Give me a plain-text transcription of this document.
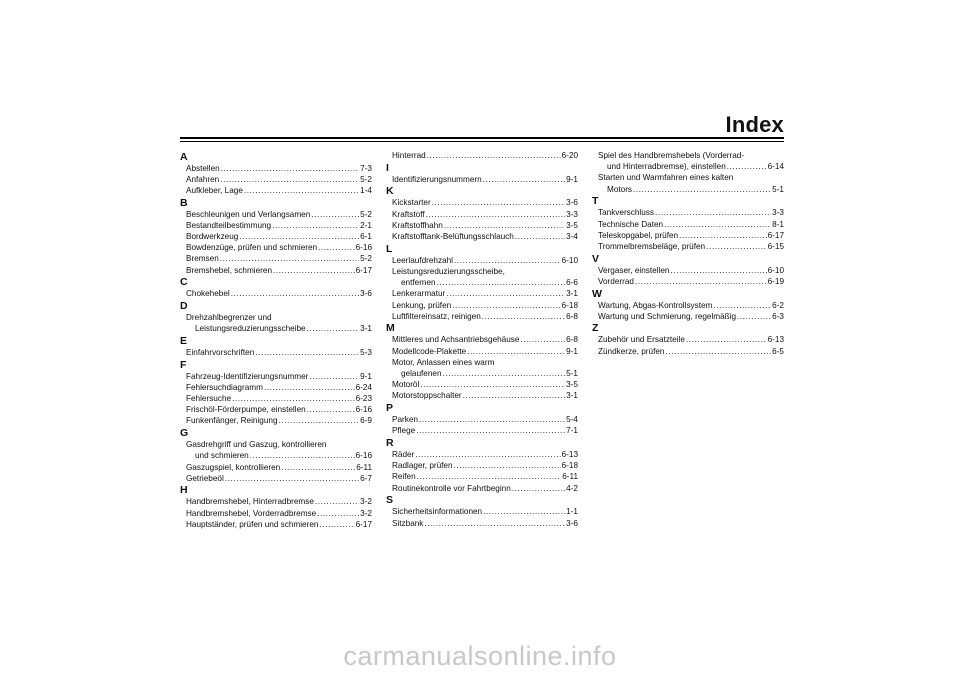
Index
A
Abstellen .....	7-3
Anfahren .....	5-2
Aufkleber, Lage .....	1-4
B
Beschleunigen und Verlangsamen .....	5-2
Bestandteilbestimmung .....	2-1
Bordwerkzeug .....	6-1
Bowdenzüge, prüfen und schmieren .....	6-16
Bremsen .....	5-2
Bremshebel, schmieren .....	6-17
C
Chokehebel .....	3-6
D
Drehzahlbegrenzer und
Leistungsreduzierungsscheibe .....	3-1
E
Einfahrvorschriften .....	5-3
F
Fahrzeug-Identifizierungsnummer .....	9-1
Fehlersuchdiagramm .....	6-24
Fehlersuche .....	6-23
Frischöl-Förderpumpe, einstellen .....	6-16
Funkenfänger, Reinigung .....	6-9
G
Gasdrehgriff und Gaszug, kontrollieren
und schmieren .....	6-16
Gaszugspiel, kontrollieren .....	6-11
Getriebeöl .....	6-7
H
Handbremshebel, Hinterradbremse .....	3-2
Handbremshebel, Vorderradbremse .....	3-2
Hauptständer, prüfen und schmieren .....	6-17
Hinterrad .....	6-20
I
Identifizierungsnummern .....	9-1
K
Kickstarter .....	3-6
Kraftstoff .....	3-3
Kraftstoffhahn .....	3-5
Kraftstofftank-Belüftungsschlauch .....	3-4
L
Leerlaufdrehzahl .....	6-10
Leistungsreduzierungsscheibe,
entfernen .....	6-6
Lenkerarmatur .....	3-1
Lenkung, prüfen .....	6-18
Luftfiltereinsatz, reinigen .....	6-8
M
Mittleres und Achsantriebsgehäuse .....	6-8
Modellcode-Plakette .....	9-1
Motor, Anlassen eines warm
gelaufenen .....	5-1
Motoröl .....	3-5
Motorstoppschalter .....	3-1
P
Parken .....	5-4
Pflege .....	7-1
R
Räder .....	6-13
Radlager, prüfen .....	6-18
Reifen .....	6-11
Routinekontrolle vor Fahrtbeginn .....	4-2
S
Sicherheitsinformationen .....	1-1
Sitzbank .....	3-6
Spiel des Handbremshebels (Vorderrad-
und Hinterradbremse), einstellen .....	6-14
Starten und Warmfahren eines kalten
Motors .....	5-1
T
Tankverschluss .....	3-3
Technische Daten .....	8-1
Teleskopgabel, prüfen .....	6-17
Trommelbremsbeläge, prüfen .....	6-15
V
Vergaser, einstellen .....	6-10
Vorderrad .....	6-19
W
Wartung, Abgas-Kontrollsystem .....	6-2
Wartung und Schmierung, regelmäßig .....	6-3
Z
Zubehör und Ersatzteile .....	6-13
Zündkerze, prüfen .....	6-5
carmanualsonline.info
